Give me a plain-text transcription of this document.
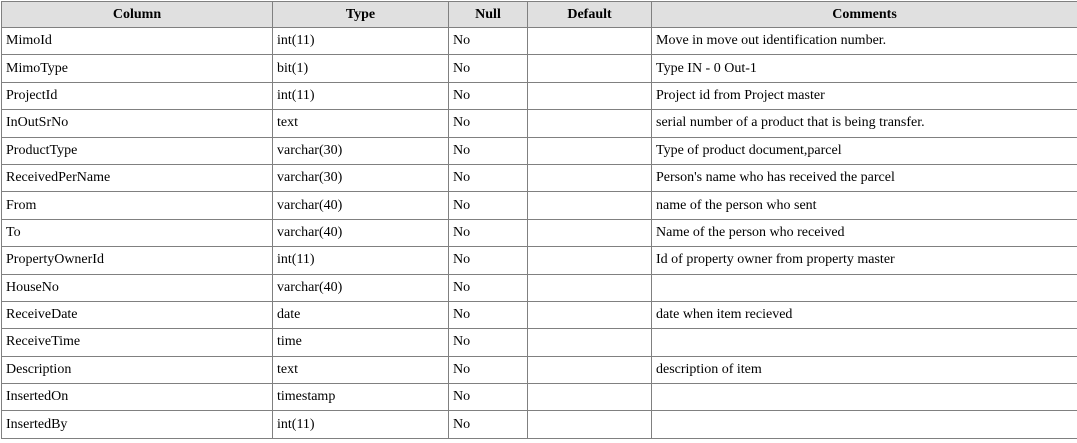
Column	Type	Null	Default	Comments
MimoId	int(11)	No		Move in move out identification number.
MimoType	bit(1)	No		Type IN - 0 Out-1
ProjectId	int(11)	No		Project id from Project master
InOutSrNo	text	No		serial number of a product that is being transfer.
ProductType	varchar(30)	No		Type of product document,parcel
ReceivedPerName	varchar(30)	No		Person's name who has received the parcel
From	varchar(40)	No		name of the person who sent
To	varchar(40)	No		Name of the person who received
PropertyOwnerId	int(11)	No		Id of property owner from property master
HouseNo	varchar(40)	No		
ReceiveDate	date	No		date when item recieved
ReceiveTime	time	No		
Description	text	No		description of item
InsertedOn	timestamp	No		
InsertedBy	int(11)	No		
